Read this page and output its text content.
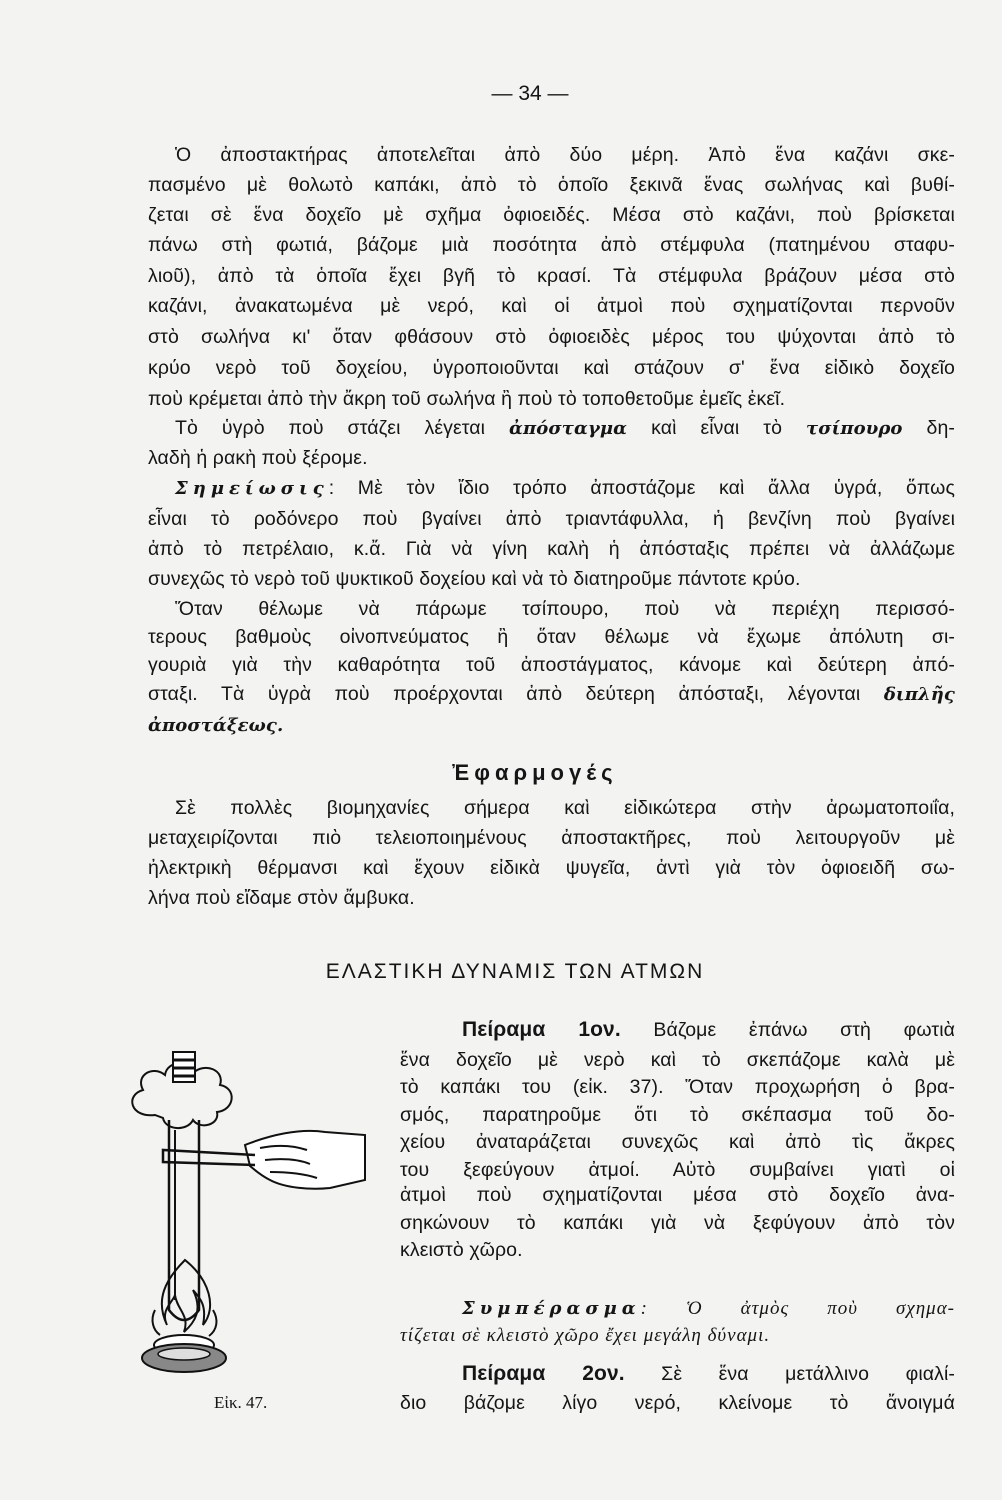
— 34 —
Ὁ ἀποστακτήρας ἀποτελεῖται ἀπὸ δύο μέρη. Ἀπὸ ἕνα καζάνι σκε-
πασμένο μὲ θολωτὸ καπάκι, ἀπὸ τὸ ὁποῖο ξεκινᾶ ἕνας σωλήνας καὶ βυθί-
ζεται σὲ ἕνα δοχεῖο μὲ σχῆμα ὀφιοειδές. Μέσα στὸ καζάνι, ποὺ βρίσκεται
πάνω στὴ φωτιά, βάζομε μιὰ ποσότητα ἀπὸ στέμφυλα (πατημένου σταφυ-
λιοῦ), ἀπὸ τὰ ὁποῖα ἔχει βγῆ τὸ κρασί. Τὰ στέμφυλα βράζουν μέσα στὸ
καζάνι, ἀνακατωμένα μὲ νερό, καὶ οἱ ἀτμοὶ ποὺ σχηματίζονται περνοῦν
στὸ σωλήνα κι' ὅταν φθάσουν στὸ ὀφιοειδὲς μέρος του ψύχονται ἀπὸ τὸ
κρύο νερὸ τοῦ δοχείου, ὑγροποιοῦνται καὶ στάζουν σ' ἕνα εἰδικὸ δοχεῖο
ποὺ κρέμεται ἀπὸ τὴν ἄκρη τοῦ σωλήνα ἢ ποὺ τὸ τοποθετοῦμε ἐμεῖς ἐκεῖ.
Τὸ ὑγρὸ ποὺ στάζει λέγεται ἀπόσταγμα καὶ εἶναι τὸ τσίπουρο δη-
λαδὴ ἡ ρακὴ ποὺ ξέρομε.
Σημείωσις: Μὲ τὸν ἴδιο τρόπο ἀποστάζομε καὶ ἄλλα ὑγρά, ὅπως
εἶναι τὸ ροδόνερο ποὺ βγαίνει ἀπὸ τριαντάφυλλα, ἡ βενζίνη ποὺ βγαίνει
ἀπὸ τὸ πετρέλαιο, κ.ἄ. Γιὰ νὰ γίνη καλὴ ἡ ἀπόσταξις πρέπει νὰ ἀλλάζωμε
συνεχῶς τὸ νερὸ τοῦ ψυκτικοῦ δοχείου καὶ νὰ τὸ διατηροῦμε πάντοτε κρύο.
Ὅταν θέλωμε νὰ πάρωμε τσίπουρο, ποὺ νὰ περιέχη περισσό-
τερους βαθμοὺς οἰνοπνεύματος ἢ ὅταν θέλωμε νὰ ἔχωμε ἀπόλυτη σι-
γουριὰ γιὰ τὴν καθαρότητα τοῦ ἀποστάγματος, κάνομε καὶ δεύτερη ἀπό-
σταξι. Τὰ ὑγρὰ ποὺ προέρχονται ἀπὸ δεύτερη ἀπόσταξι, λέγονται διπλῆς
ἀποστάξεως.
Ἐφαρμογές
Σὲ πολλὲς βιομηχανίες σήμερα καὶ εἰδικώτερα στὴν ἀρωματοποιΐα,
μεταχειρίζονται πιὸ τελειοποιημένους ἀποστακτῆρες, ποὺ λειτουργοῦν μὲ
ἠλεκτρικὴ θέρμανσι καὶ ἔχουν εἰδικὰ ψυγεῖα, ἀντὶ γιὰ τὸν ὀφιοειδῆ σω-
λήνα ποὺ εἴδαμε στὸν ἄμβυκα.
ΕΛΑΣΤΙΚΗ ΔΥΝΑΜΙΣ ΤΩΝ ΑΤΜΩΝ
Πείραμα 1ον. Βάζομε ἐπάνω στὴ φωτιὰ
ἕνα δοχεῖο μὲ νερὸ καὶ τὸ σκεπάζομε καλὰ μὲ
τὸ καπάκι του (εἰκ. 37). Ὅταν προχωρήση ὁ βρα-
σμός, παρατηροῦμε ὅτι τὸ σκέπασμα τοῦ δο-
χείου ἀναταράζεται συνεχῶς καὶ ἀπὸ τὶς ἄκρες
του ξεφεύγουν ἀτμοί. Αὐτὸ συμβαίνει γιατὶ οἱ
ἀτμοὶ ποὺ σχηματίζονται μέσα στὸ δοχεῖο ἀνα-
σηκώνουν τὸ καπάκι γιὰ νὰ ξεφύγουν ἀπὸ τὸν
κλειστὸ χῶρο.
Συμπέρασμα: Ὁ ἀτμὸς ποὺ σχημα-
τίζεται σὲ κλειστὸ χῶρο ἔχει μεγάλη δύναμι.
Πείραμα 2ον. Σὲ ἕνα μετάλλινο φιαλί-
διο βάζομε λίγο νερό, κλείνομε τὸ ἄνοιγμά
Εἰκ. 47.
